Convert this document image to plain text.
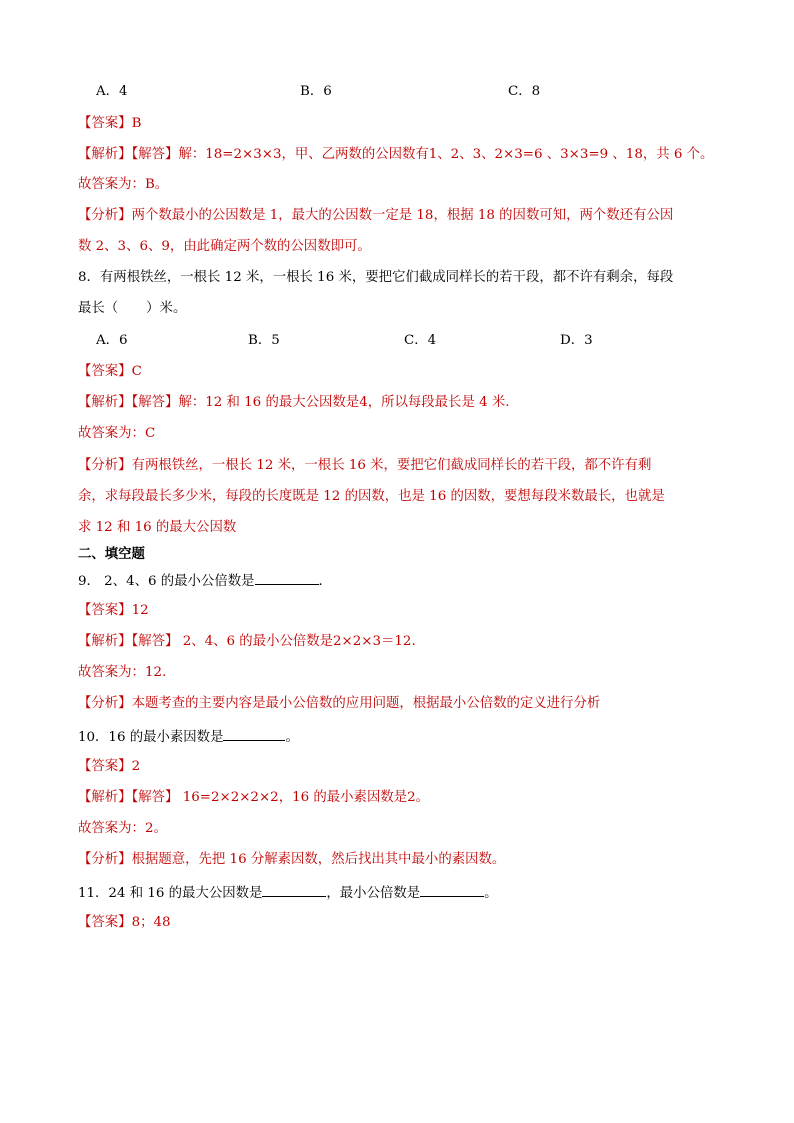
A．4	B．6	C．8
【答案】B
【解析】【解答】解：18=2×3×3，甲、乙两数的公因数有1、2、3、2×3=6 、3×3=9 、18，共 6 个。
故答案为：B。
【分析】两个数最小的公因数是 1，最大的公因数一定是 18，根据 18 的因数可知，两个数还有公因
数 2、3、6、9，由此确定两个数的公因数即可。
8．有两根铁丝，一根长 12 米，一根长 16 米，要把它们截成同样长的若干段，都不许有剩余，每段
最长（ ）米。
A．6	B．5	C．4	D．3
【答案】C
【解析】【解答】解：12 和 16 的最大公因数是4，所以每段最长是 4 米.
故答案为：C
【分析】有两根铁丝，一根长 12 米，一根长 16 米，要把它们截成同样长的若干段，都不许有剩
余，求每段最长多少米，每段的长度既是 12 的因数，也是 16 的因数，要想每段米数最长，也就是
求 12 和 16 的最大公因数
二、填空题
9． 2、4、6 的最小公倍数是	．
【答案】12
【解析】【解答】 2、4、6 的最小公倍数是2×2×3＝12.
故答案为：12.
【分析】本题考查的主要内容是最小公倍数的应用问题，根据最小公倍数的定义进行分析
10．16 的最小素因数是	。
【答案】2
【解析】【解答】 16=2×2×2×2，16 的最小素因数是2。
故答案为：2。
【分析】根据题意，先把 16 分解素因数，然后找出其中最小的素因数。
11．24 和 16 的最大公因数是	，最小公倍数是	。
【答案】8；48
